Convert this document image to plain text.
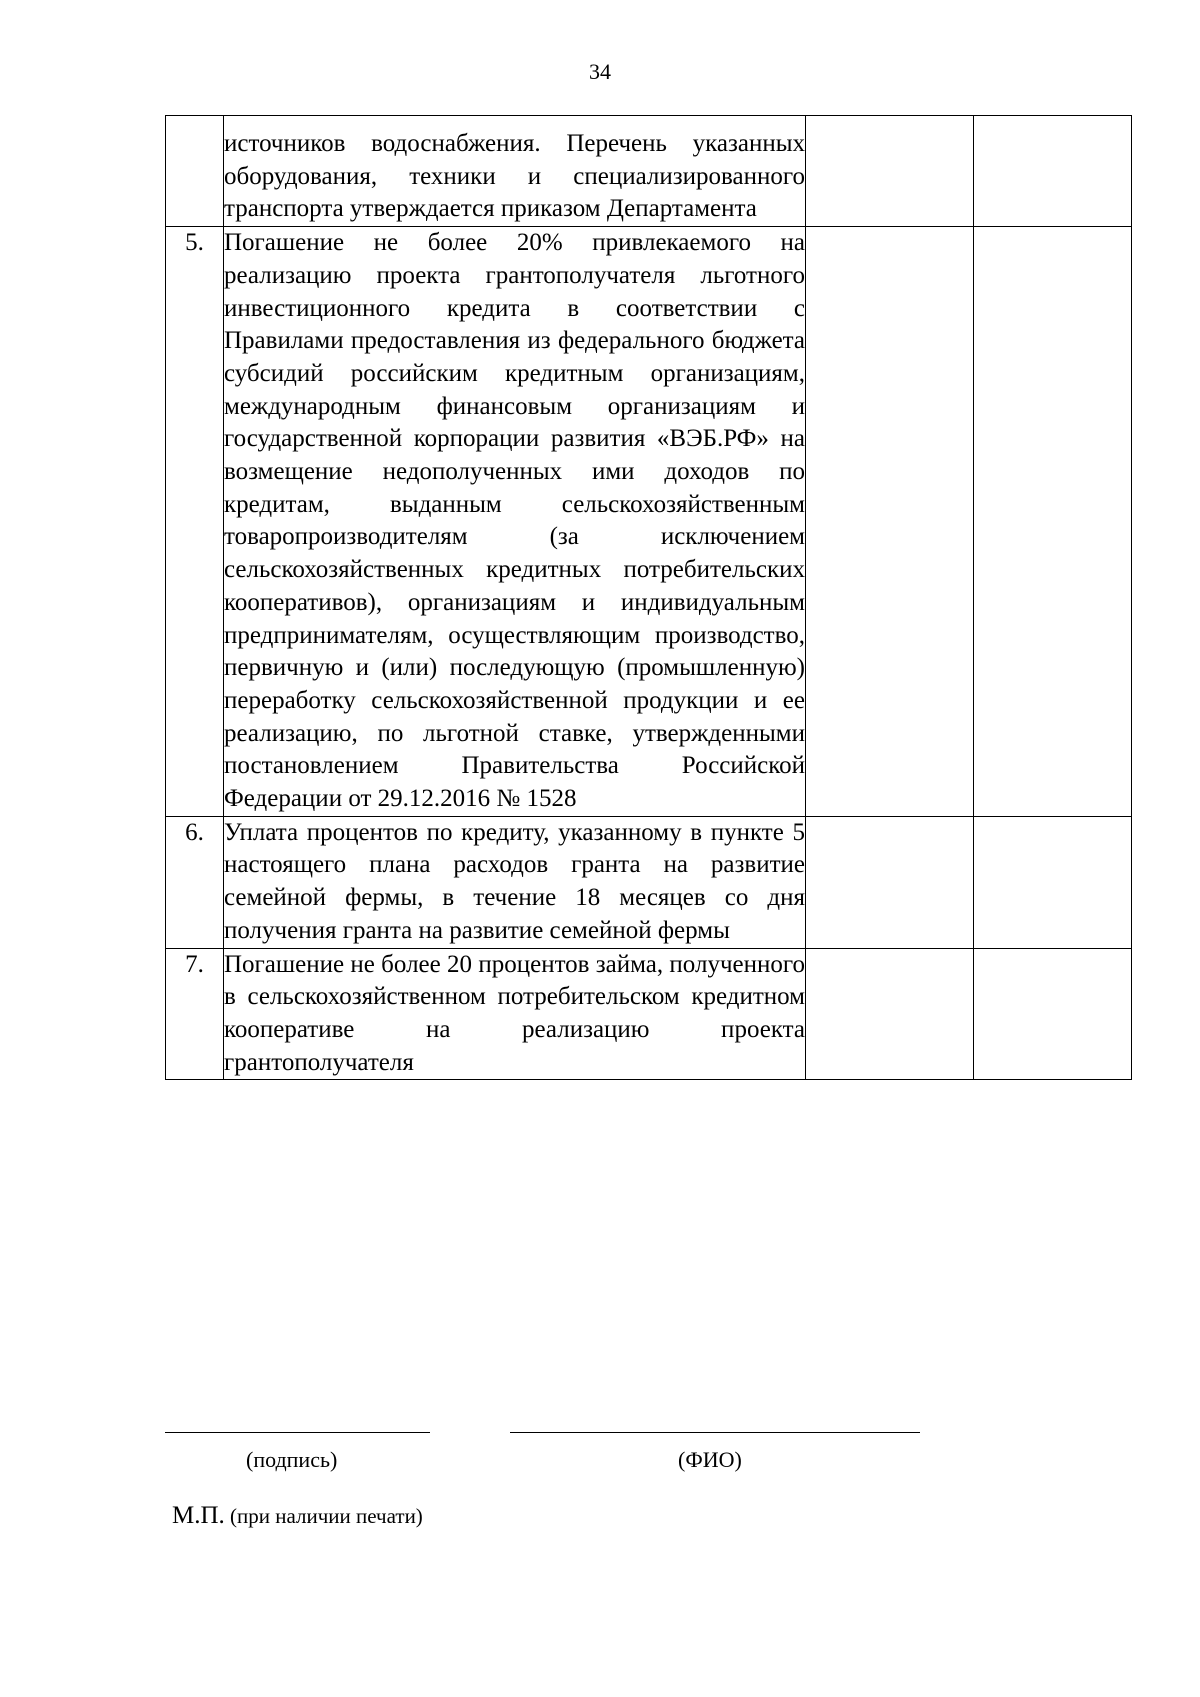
34
	источников водоснабжения. Перечень указанных оборудования, техники и специализированного транспорта утверждается приказом Департамента		
5.	Погашение не более 20% привлекаемого на реализацию проекта грантополучателя льготного инвестиционного кредита в соответствии с Правилами предоставления из федерального бюджета субсидий российским кредитным организациям, международным финансовым организациям и государственной корпорации развития «ВЭБ.РФ» на возмещение недополученных ими доходов по кредитам, выданным сельскохозяйственным товаропроизводителям (за исключением сельскохозяйственных кредитных потребительских кооперативов), организациям и индивидуальным предпринимателям, осуществляющим производство, первичную и (или) последующую (промышленную) переработку сельскохозяйственной продукции и ее реализацию, по льготной ставке, утвержденными постановлением Правительства Российской Федерации от 29.12.2016 № 1528		
6.	Уплата процентов по кредиту, указанному в пункте 5 настоящего плана расходов гранта на развитие семейной фермы, в течение 18 месяцев со дня получения гранта на развитие семейной фермы		
7.	Погашение не более 20 процентов займа, полученного в сельскохозяйственном потребительском кредитном кооперативе на реализацию проекта грантополучателя		
(подпись)	(ФИО)
М.П. (при наличии печати)
